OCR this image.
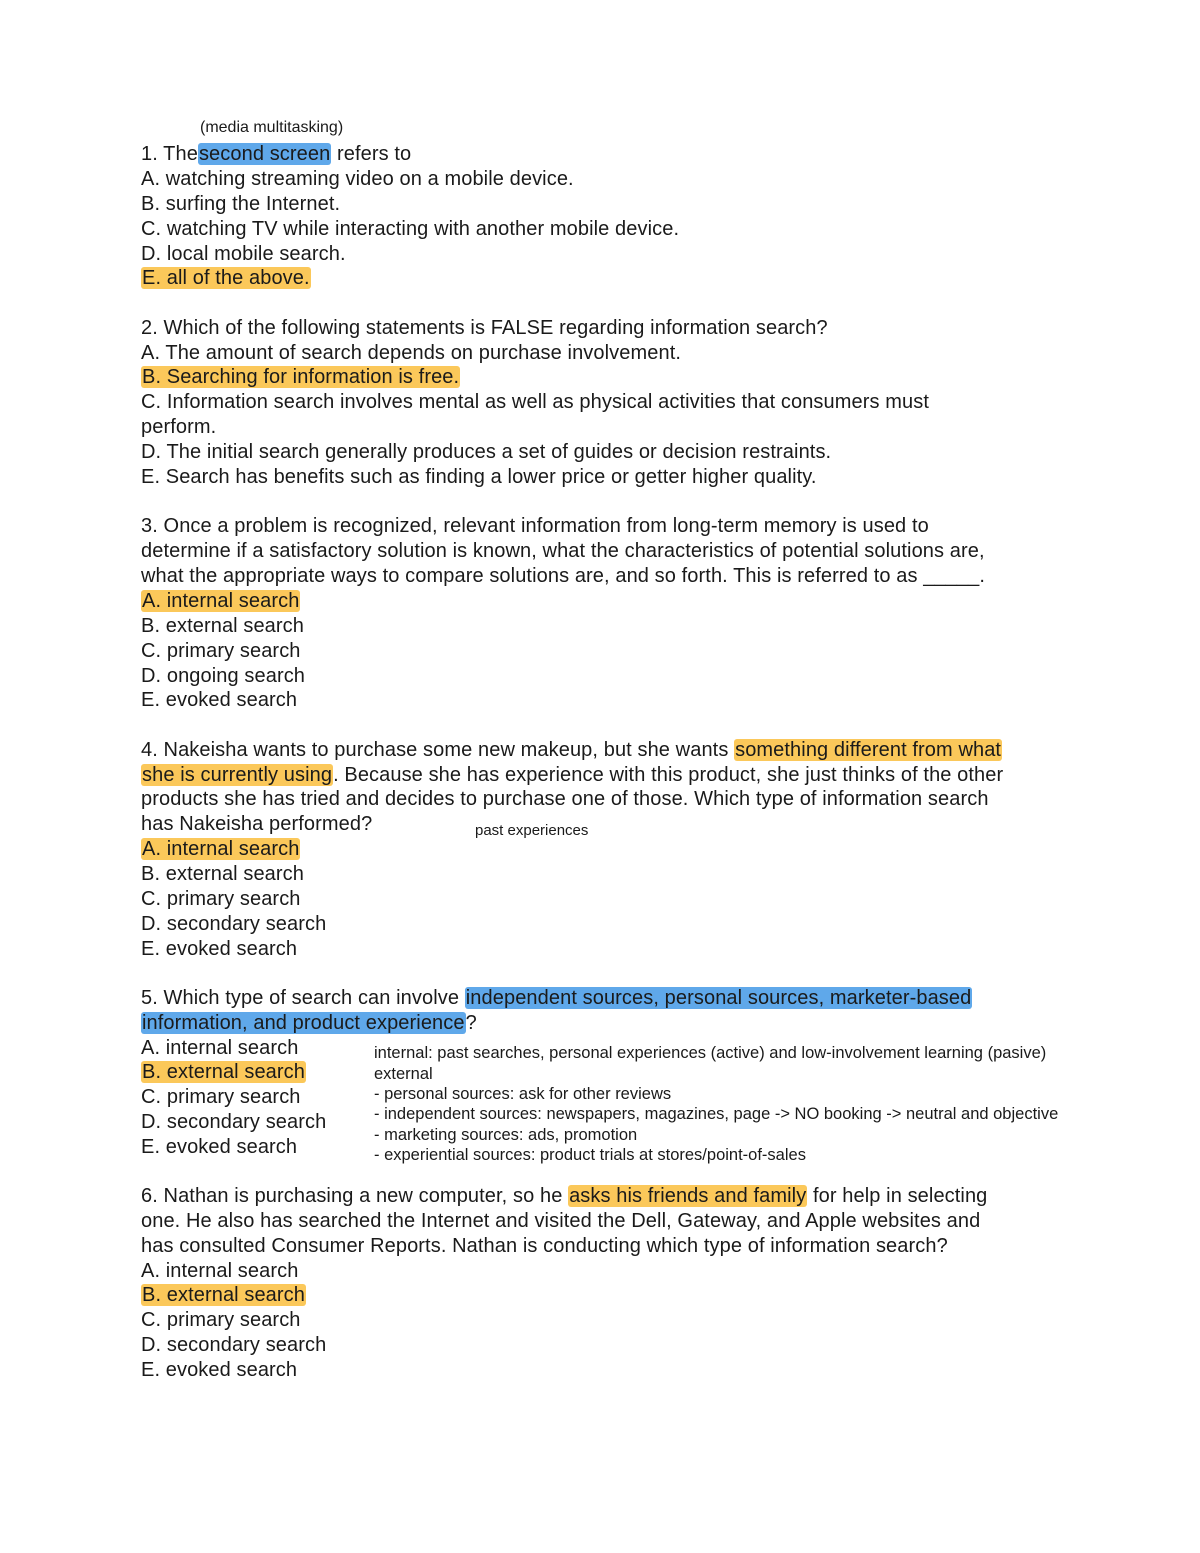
(media multitasking)
1. Thesecond screen refers to
A. watching streaming video on a mobile device.
B. surfing the Internet.
C. watching TV while interacting with another mobile device.
D. local mobile search.
E. all of the above.
2. Which of the following statements is FALSE regarding information search?
A. The amount of search depends on purchase involvement.
B. Searching for information is free.
C. Information search involves mental as well as physical activities that consumers must
perform.
D. The initial search generally produces a set of guides or decision restraints.
E. Search has benefits such as finding a lower price or getter higher quality.
3. Once a problem is recognized, relevant information from long-term memory is used to
determine if a satisfactory solution is known, what the characteristics of potential solutions are,
what the appropriate ways to compare solutions are, and so forth. This is referred to as _____.
A. internal search
B. external search
C. primary search
D. ongoing search
E. evoked search
4. Nakeisha wants to purchase some new makeup, but she wants something different from what
she is currently using. Because she has experience with this product, she just thinks of the other
products she has tried and decides to purchase one of those. Which type of information search
has Nakeisha performed?
A. internal search
B. external search
C. primary search
D. secondary search
E. evoked search
5. Which type of search can involve independent sources, personal sources, marketer-based
information, and product experience?
A. internal search
B. external search
C. primary search
D. secondary search
E. evoked search
6. Nathan is purchasing a new computer, so he asks his friends and family for help in selecting
one. He also has searched the Internet and visited the Dell, Gateway, and Apple websites and
has consulted Consumer Reports. Nathan is conducting which type of information search?
A. internal search
B. external search
C. primary search
D. secondary search
E. evoked search
past experiences
internal: past searches, personal experiences (active) and low-involvement learning (pasive)
external
- personal sources: ask for other reviews
- independent sources: newspapers, magazines, page -> NO booking -> neutral and objective
- marketing sources: ads, promotion
- experiential sources: product trials at stores/point-of-sales
